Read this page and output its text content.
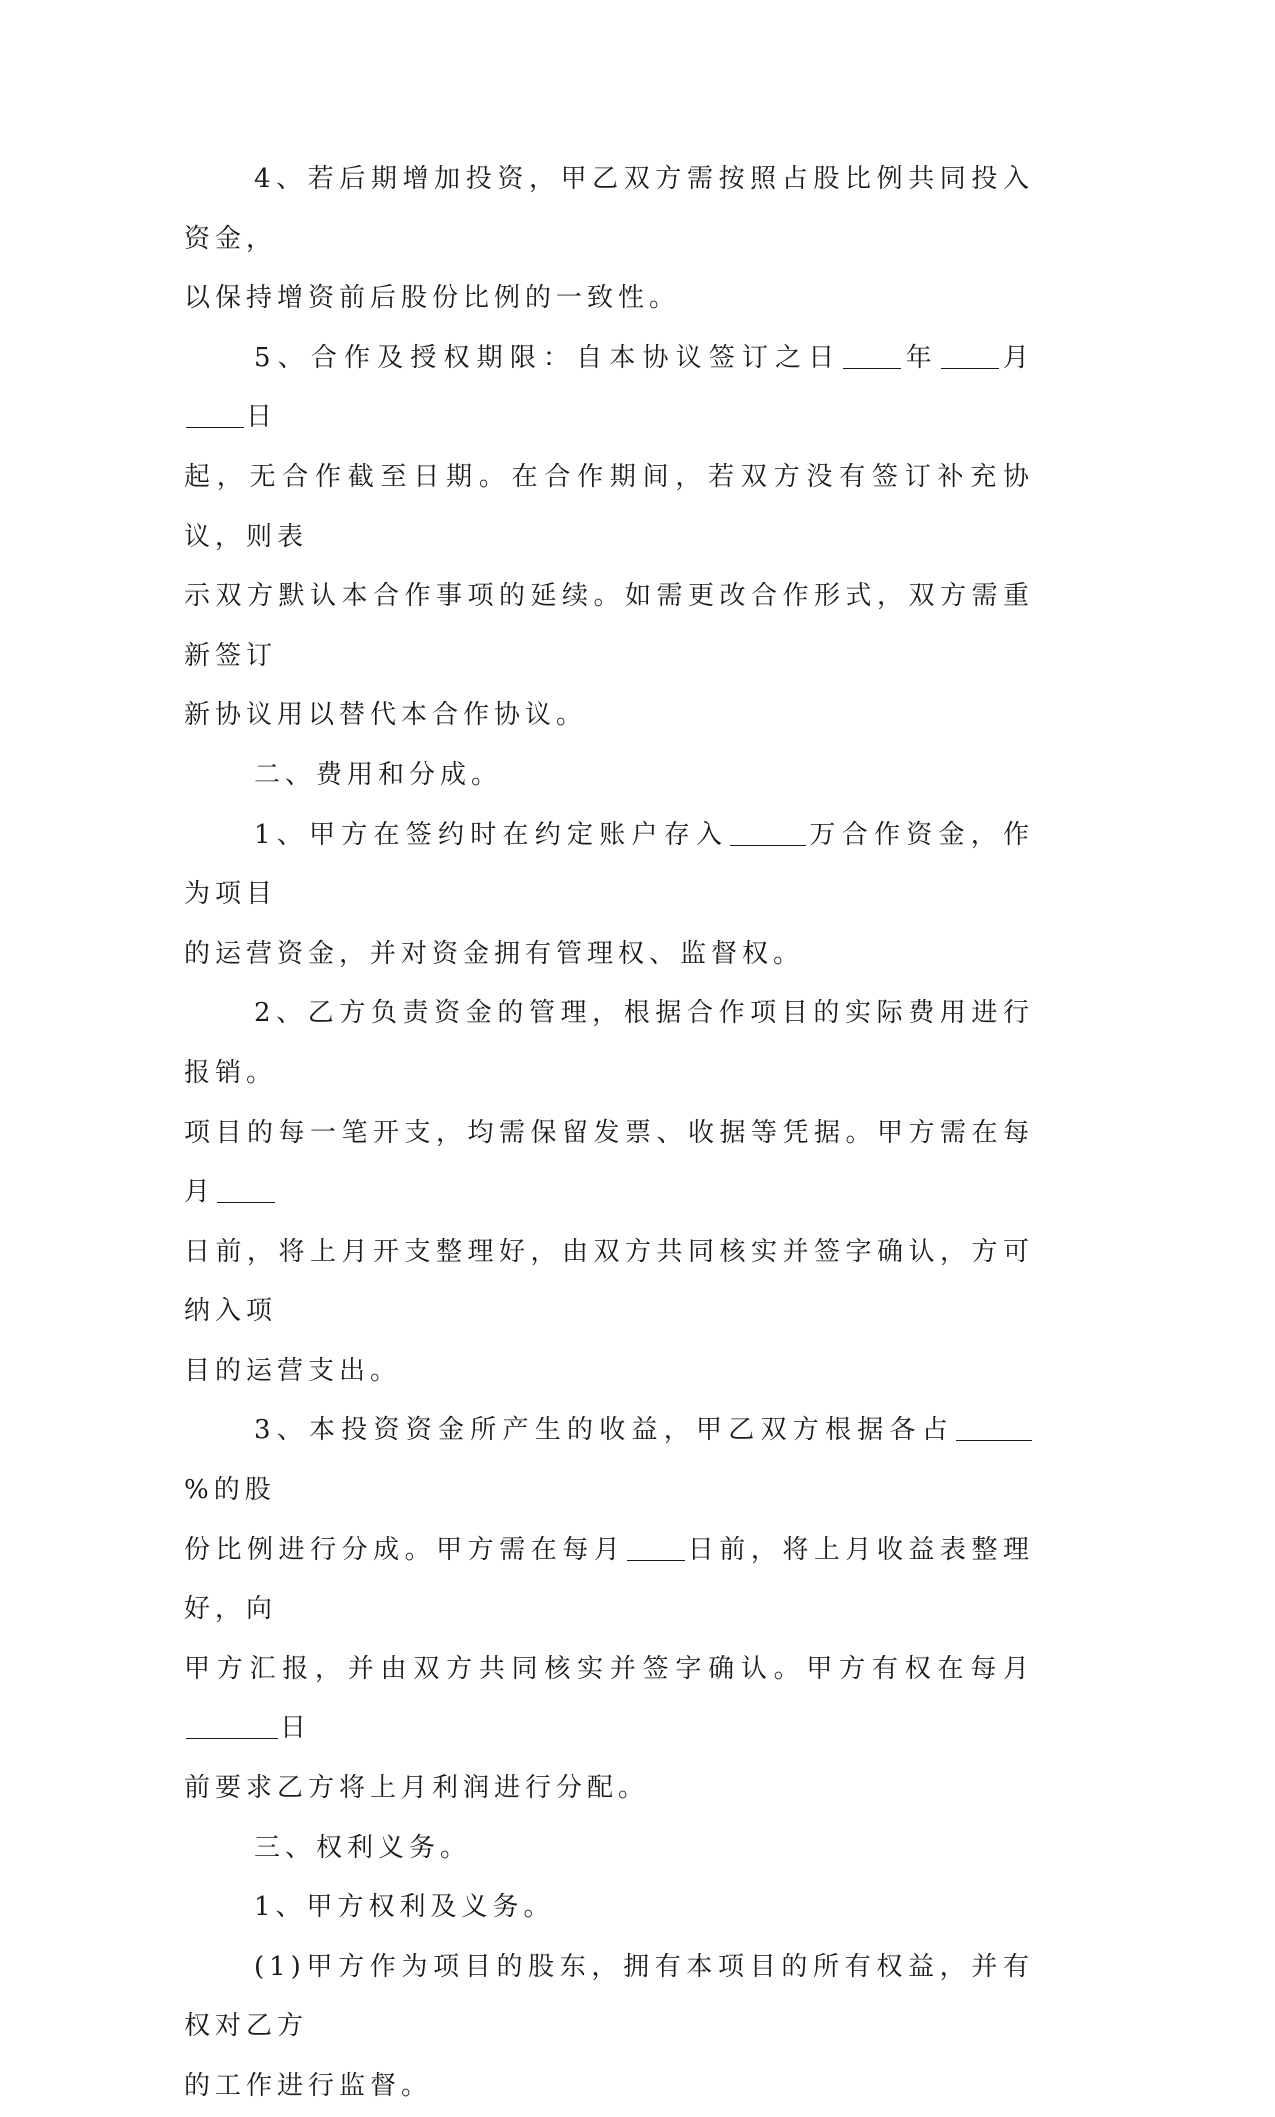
4、若后期增加投资，甲乙双方需按照占股比例共同投入资金，
以保持增资前后股份比例的一致性。

5、合作及授权期限：自本协议签订之日 年 月日
起，无合作截至日期。在合作期间，若双方没有签订补充协议，则表
示双方默认本合作事项的延续。如需更改合作形式，双方需重新签订
新协议用以替代本合作协议。

二、费用和分成。

1、甲方在签约时在约定账户存入	万合作资金，作为项目
的运营资金，并对资金拥有管理权、监督权。

2、乙方负责资金的管理，根据合作项目的实际费用进行报销。
项目的每一笔开支，均需保留发票、收据等凭据。甲方需在每月
日前，将上月开支整理好，由双方共同核实并签字确认，方可纳入项
目的运营支出。

3、本投资资金所产生的收益，甲乙双方根据各占%的股
份比例进行分成。甲方需在每月 日前，将上月收益表整理好，向
甲方汇报，并由双方共同核实并签字确认。甲方有权在每月日
前要求乙方将上月利润进行分配。

三、权利义务。

1、甲方权利及义务。

(1)甲方作为项目的股东，拥有本项目的所有权益，并有权对乙方
的工作进行监督。
